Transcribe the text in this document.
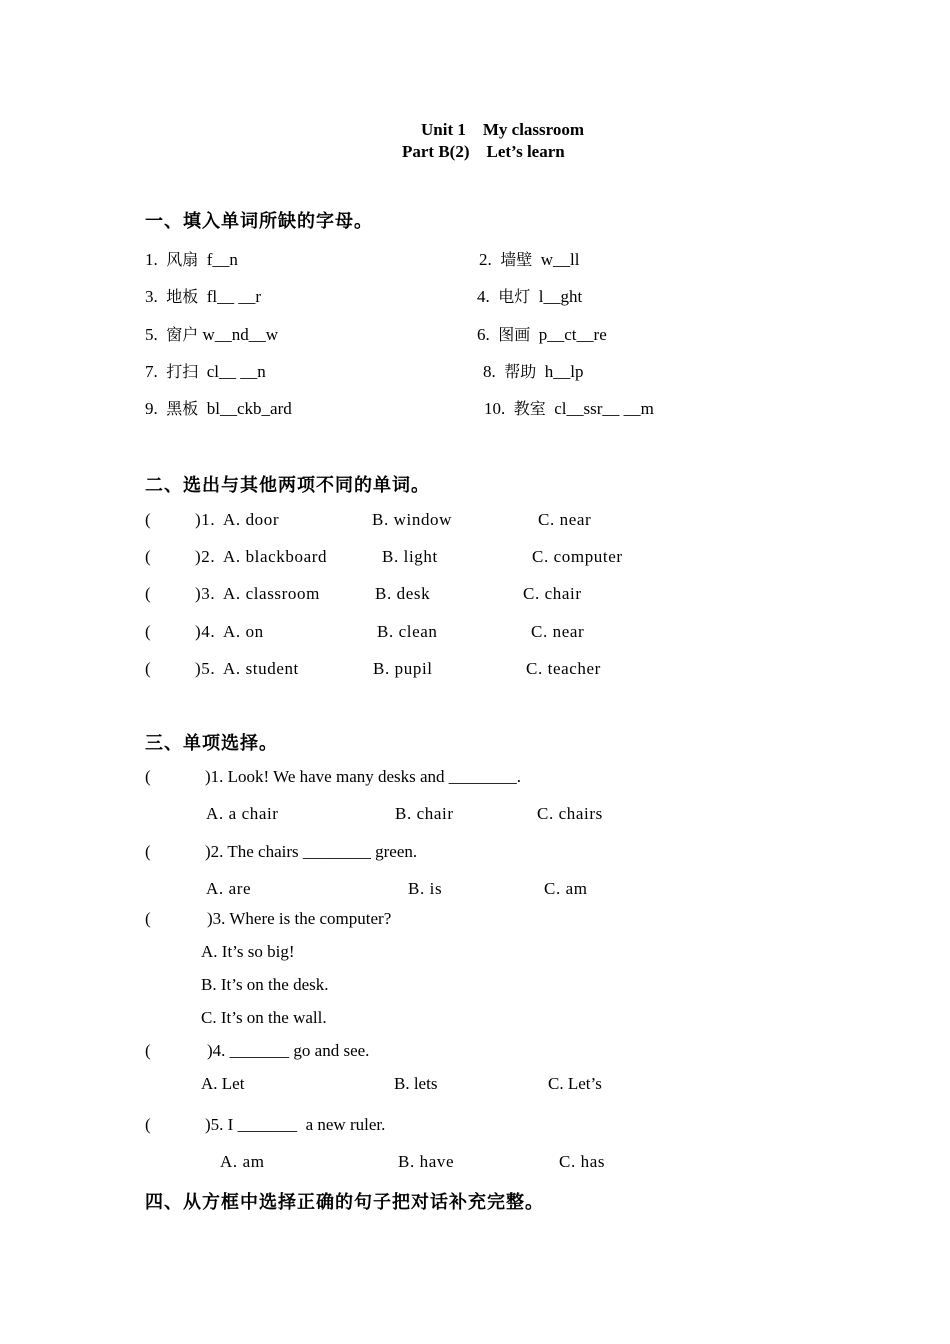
Unit 1    My classroom
Part B(2)    Let’s learn
一、填入单词所缺的字母。
1. 风扇 f__n	2. 墙壁 w__ll
3. 地板 fl__ __r	4. 电灯 l__ght
5. 窗户 w__nd__w	6. 图画 p__ct__re
7. 打扫 cl__ __n	8. 帮助 h__lp
9. 黑板 bl__ckb_ard	10. 教室 cl__ssr__ __m
二、选出与其他两项不同的单词。
(	)1. A. door	B. window	C. near
(	)2. A. blackboard	B. light	C. computer
(	)3. A. classroom	B. desk	C. chair
(	)4. A. on	B. clean	C. near
(	)5. A. student	B. pupil	C. teacher
三、单项选择。
(	)1. Look! We have many desks and ________.
A. a chair	B. chair	C. chairs
(	)2. The chairs ________ green.
A. are	B. is	C. am
(	)3. Where is the computer?
A. It’s so big!
B. It’s on the desk.
C. It’s on the wall.
(	)4. _______ go and see.
A. Let	B. lets	C. Let’s
(	)5. I _______  a new ruler.
A. am	B. have	C. has
四、从方框中选择正确的句子把对话补充完整。
